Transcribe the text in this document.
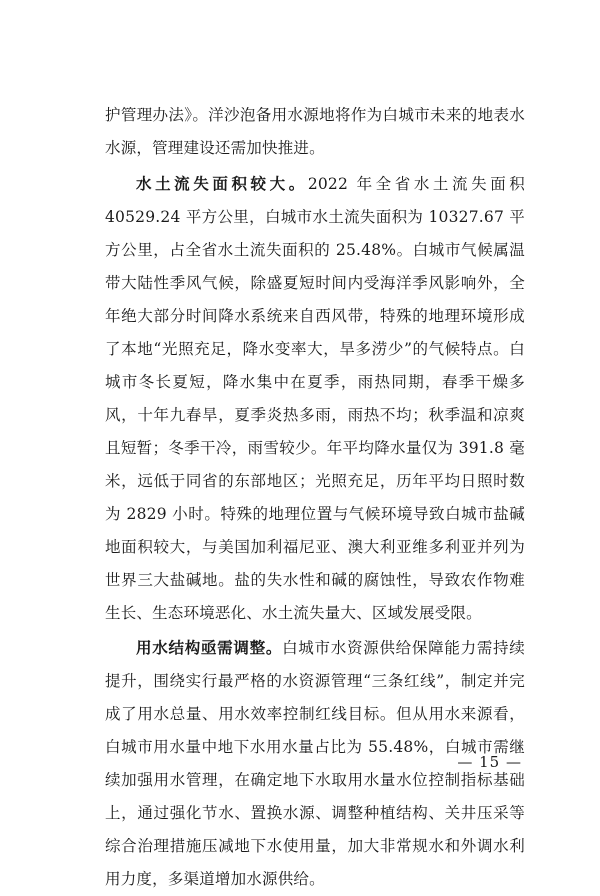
护管理办法》。洋沙泡备用水源地将作为白城市未来的地表水水源，管理建设还需加快推进。

水土流失面积较大。2022 年全省水土流失面积 40529.24 平方公里，白城市水土流失面积为 10327.67 平方公里，占全省水土流失面积的 25.48%。白城市气候属温带大陆性季风气候，除盛夏短时间内受海洋季风影响外，全年绝大部分时间降水系统来自西风带，特殊的地理环境形成了本地“光照充足，降水变率大，旱多涝少”的气候特点。白城市冬长夏短，降水集中在夏季，雨热同期，春季干燥多风，十年九春旱，夏季炎热多雨，雨热不均；秋季温和凉爽且短暂；冬季干冷，雨雪较少。年平均降水量仅为 391.8 毫米，远低于同省的东部地区；光照充足，历年平均日照时数为 2829 小时。特殊的地理位置与气候环境导致白城市盐碱地面积较大，与美国加利福尼亚、澳大利亚维多利亚并列为世界三大盐碱地。盐的失水性和碱的腐蚀性，导致农作物难生长、生态环境恶化、水土流失量大、区域发展受限。

用水结构亟需调整。白城市水资源供给保障能力需持续提升，围绕实行最严格的水资源管理“三条红线”，制定并完成了用水总量、用水效率控制红线目标。但从用水来源看，白城市用水量中地下水用水量占比为 55.48%，白城市需继续加强用水管理，在确定地下水取用水量水位控制指标基础上，通过强化节水、置换水源、调整种植结构、关井压采等综合治理措施压减地下水使用量，加大非常规水和外调水利用力度，多渠道增加水源供给。

— 15 —
